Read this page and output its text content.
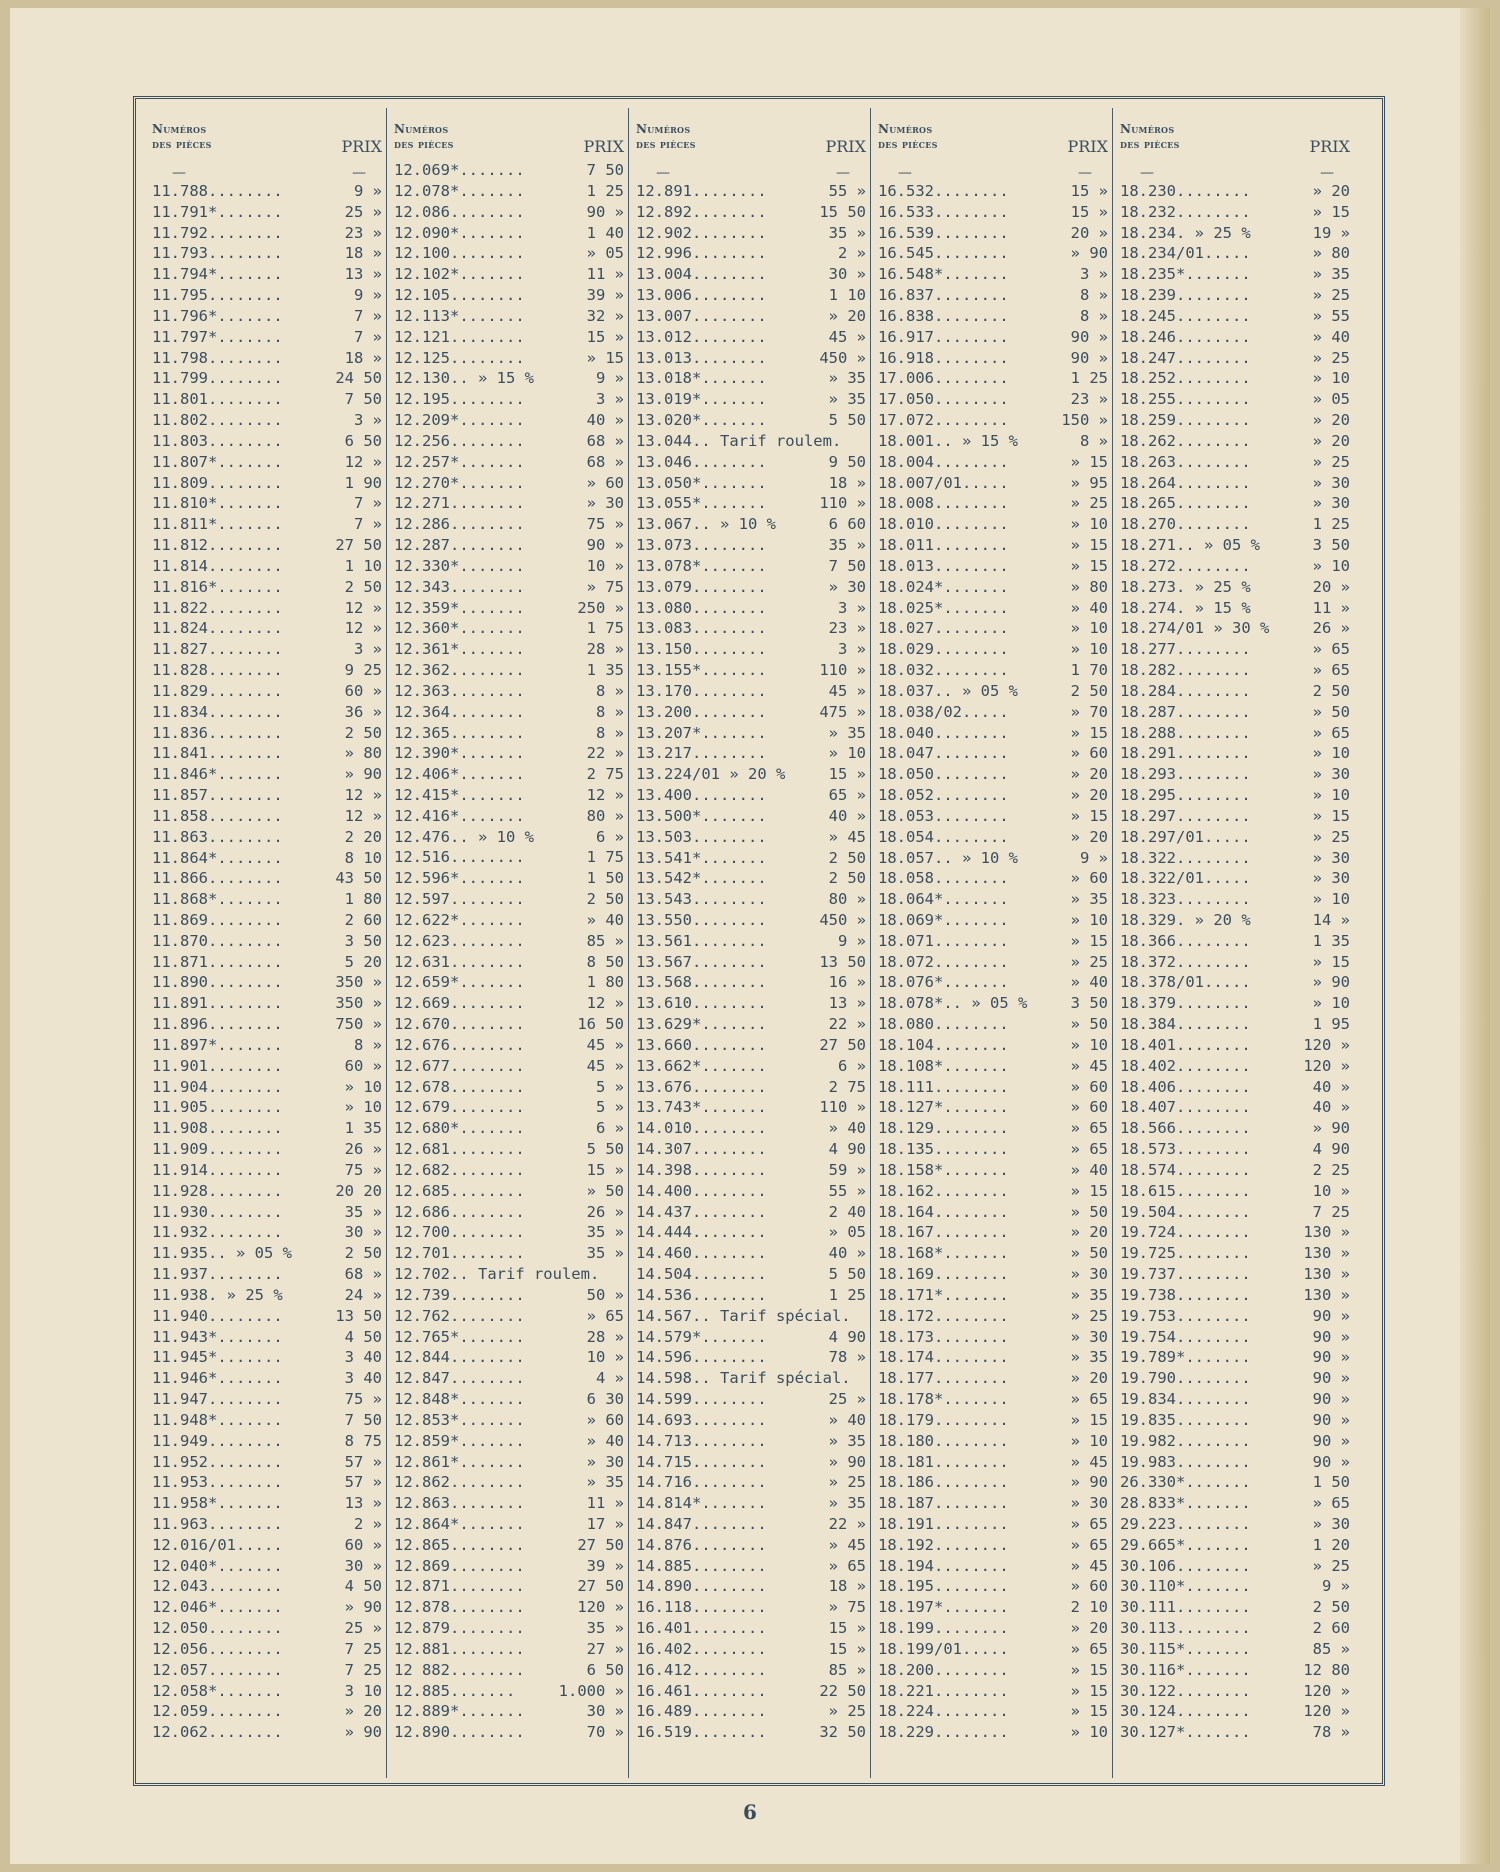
Numéros
des pièces	PRIX
—	—
11.788........	9 »
11.791*.......	25 »
11.792........	23 »
11.793........	18 »
11.794*.......	13 »
11.795........	9 »
11.796*.......	7 »
11.797*.......	7 »
11.798........	18 »
11.799........	24 50
11.801........	7 50
11.802........	3 »
11.803........	6 50
11.807*.......	12 »
11.809........	1 90
11.810*.......	7 »
11.811*.......	7 »
11.812........	27 50
11.814........	1 10
11.816*.......	2 50
11.822........	12 »
11.824........	12 »
11.827........	3 »
11.828........	9 25
11.829........	60 »
11.834........	36 »
11.836........	2 50
11.841........	» 80
11.846*.......	» 90
11.857........	12 »
11.858........	12 »
11.863........	2 20
11.864*.......	8 10
11.866........	43 50
11.868*.......	1 80
11.869........	2 60
11.870........	3 50
11.871........	5 20
11.890........	350 »
11.891........	350 »
11.896........	750 »
11.897*.......	8 »
11.901........	60 »
11.904........	» 10
11.905........	» 10
11.908........	1 35
11.909........	26 »
11.914........	75 »
11.928........	20 20
11.930........	35 »
11.932........	30 »
11.935.. » 05 %	2 50
11.937........	68 »
11.938. » 25 %	24 »
11.940........	13 50
11.943*.......	4 50
11.945*.......	3 40
11.946*.......	3 40
11.947........	75 »
11.948*.......	7 50
11.949........	8 75
11.952........	57 »
11.953........	57 »
11.958*.......	13 »
11.963........	2 »
12.016/01.....	60 »
12.040*.......	30 »
12.043........	4 50
12.046*.......	» 90
12.050........	25 »
12.056........	7 25
12.057........	7 25
12.058*.......	3 10
12.059........	» 20
12.062........	» 90
Numéros
des pièces	PRIX
12.069*.......	7 50
12.078*.......	1 25
12.086........	90 »
12.090*.......	1 40
12.100........	» 05
12.102*.......	11 »
12.105........	39 »
12.113*.......	32 »
12.121........	15 »
12.125........	» 15
12.130.. » 15 %	9 »
12.195........	3 »
12.209*.......	40 »
12.256........	68 »
12.257*.......	68 »
12.270*.......	» 60
12.271........	» 30
12.286........	75 »
12.287........	90 »
12.330*.......	10 »
12.343........	» 75
12.359*.......	250 »
12.360*.......	1 75
12.361*.......	28 »
12.362........	1 35
12.363........	8 »
12.364........	8 »
12.365........	8 »
12.390*.......	22 »
12.406*.......	2 75
12.415*.......	12 »
12.416*.......	80 »
12.476.. » 10 %	6 »
12.516........	1 75
12.596*.......	1 50
12.597........	2 50
12.622*.......	» 40
12.623........	85 »
12.631........	8 50
12.659*.......	1 80
12.669........	12 »
12.670........	16 50
12.676........	45 »
12.677........	45 »
12.678........	5 »
12.679........	5 »
12.680*.......	6 »
12.681........	5 50
12.682........	15 »
12.685........	» 50
12.686........	26 »
12.700........	35 »
12.701........	35 »
12.702.. Tarif roulem.
12.739........	50 »
12.762........	» 65
12.765*.......	28 »
12.844........	10 »
12.847........	4 »
12.848*.......	6 30
12.853*.......	» 60
12.859*.......	» 40
12.861*.......	» 30
12.862........	» 35
12.863........	11 »
12.864*.......	17 »
12.865........	27 50
12.869........	39 »
12.871........	27 50
12.878........	120 »
12.879........	35 »
12.881........	27 »
12 882........	6 50
12.885.......	1.000 »
12.889*.......	30 »
12.890........	70 »
Numéros
des pièces	PRIX
—	—
12.891........	55 »
12.892........	15 50
12.902........	35 »
12.996........	2 »
13.004........	30 »
13.006........	1 10
13.007........	» 20
13.012........	45 »
13.013........	450 »
13.018*.......	» 35
13.019*.......	» 35
13.020*.......	5 50
13.044.. Tarif roulem.
13.046........	9 50
13.050*.......	18 »
13.055*.......	110 »
13.067.. » 10 %	6 60
13.073........	35 »
13.078*.......	7 50
13.079........	» 30
13.080........	3 »
13.083........	23 »
13.150........	3 »
13.155*.......	110 »
13.170........	45 »
13.200........	475 »
13.207*.......	» 35
13.217........	» 10
13.224/01 » 20 %	15 »
13.400........	65 »
13.500*.......	40 »
13.503........	» 45
13.541*.......	2 50
13.542*.......	2 50
13.543........	80 »
13.550........	450 »
13.561........	9 »
13.567........	13 50
13.568........	16 »
13.610........	13 »
13.629*.......	22 »
13.660........	27 50
13.662*.......	6 »
13.676........	2 75
13.743*.......	110 »
14.010........	» 40
14.307........	4 90
14.398........	59 »
14.400........	55 »
14.437........	2 40
14.444........	» 05
14.460........	40 »
14.504........	5 50
14.536........	1 25
14.567.. Tarif spécial.
14.579*.......	4 90
14.596........	78 »
14.598.. Tarif spécial.
14.599........	25 »
14.693........	» 40
14.713........	» 35
14.715........	» 90
14.716........	» 25
14.814*.......	» 35
14.847........	22 »
14.876........	» 45
14.885........	» 65
14.890........	18 »
16.118........	» 75
16.401........	15 »
16.402........	15 »
16.412........	85 »
16.461........	22 50
16.489........	» 25
16.519........	32 50
Numéros
des pièces	PRIX
—	—
16.532........	15 »
16.533........	15 »
16.539........	20 »
16.545........	» 90
16.548*.......	3 »
16.837........	8 »
16.838........	8 »
16.917........	90 »
16.918........	90 »
17.006........	1 25
17.050........	23 »
17.072........	150 »
18.001.. » 15 %	8 »
18.004........	» 15
18.007/01.....	» 95
18.008........	» 25
18.010........	» 10
18.011........	» 15
18.013........	» 15
18.024*.......	» 80
18.025*.......	» 40
18.027........	» 10
18.029........	» 10
18.032........	1 70
18.037.. » 05 %	2 50
18.038/02.....	» 70
18.040........	» 15
18.047........	» 60
18.050........	» 20
18.052........	» 20
18.053........	» 15
18.054........	» 20
18.057.. » 10 %	9 »
18.058........	» 60
18.064*.......	» 35
18.069*.......	» 10
18.071........	» 15
18.072........	» 25
18.076*.......	» 40
18.078*.. » 05 %	3 50
18.080........	» 50
18.104........	» 10
18.108*.......	» 45
18.111........	» 60
18.127*.......	» 60
18.129........	» 65
18.135........	» 65
18.158*.......	» 40
18.162........	» 15
18.164........	» 50
18.167........	» 20
18.168*.......	» 50
18.169........	» 30
18.171*.......	» 35
18.172........	» 25
18.173........	» 30
18.174........	» 35
18.177........	» 20
18.178*.......	» 65
18.179........	» 15
18.180........	» 10
18.181........	» 45
18.186........	» 90
18.187........	» 30
18.191........	» 65
18.192........	» 65
18.194........	» 45
18.195........	» 60
18.197*.......	2 10
18.199........	» 20
18.199/01.....	» 65
18.200........	» 15
18.221........	» 15
18.224........	» 15
18.229........	» 10
Numéros
des pièces	PRIX
—	—
18.230........	» 20
18.232........	» 15
18.234. » 25 %	19 »
18.234/01.....	» 80
18.235*.......	» 35
18.239........	» 25
18.245........	» 55
18.246........	» 40
18.247........	» 25
18.252........	» 10
18.255........	» 05
18.259........	» 20
18.262........	» 20
18.263........	» 25
18.264........	» 30
18.265........	» 30
18.270........	1 25
18.271.. » 05 %	3 50
18.272........	» 10
18.273. » 25 %	20 »
18.274. » 15 %	11 »
18.274/01 » 30 %	26 »
18.277........	» 65
18.282........	» 65
18.284........	2 50
18.287........	» 50
18.288........	» 65
18.291........	» 10
18.293........	» 30
18.295........	» 10
18.297........	» 15
18.297/01.....	» 25
18.322........	» 30
18.322/01.....	» 30
18.323........	» 10
18.329. » 20 %	14 »
18.366........	1 35
18.372........	» 15
18.378/01.....	» 90
18.379........	» 10
18.384........	1 95
18.401........	120 »
18.402........	120 »
18.406........	40 »
18.407........	40 »
18.566........	» 90
18.573........	4 90
18.574........	2 25
18.615........	10 »
19.504........	7 25
19.724........	130 »
19.725........	130 »
19.737........	130 »
19.738........	130 »
19.753........	90 »
19.754........	90 »
19.789*.......	90 »
19.790........	90 »
19.834........	90 »
19.835........	90 »
19.982........	90 »
19.983........	90 »
26.330*.......	1 50
28.833*.......	» 65
29.223........	» 30
29.665*.......	1 20
30.106........	» 25
30.110*.......	9 »
30.111........	2 50
30.113........	2 60
30.115*.......	85 »
30.116*.......	12 80
30.122........	120 »
30.124........	120 »
30.127*.......	78 »
6
